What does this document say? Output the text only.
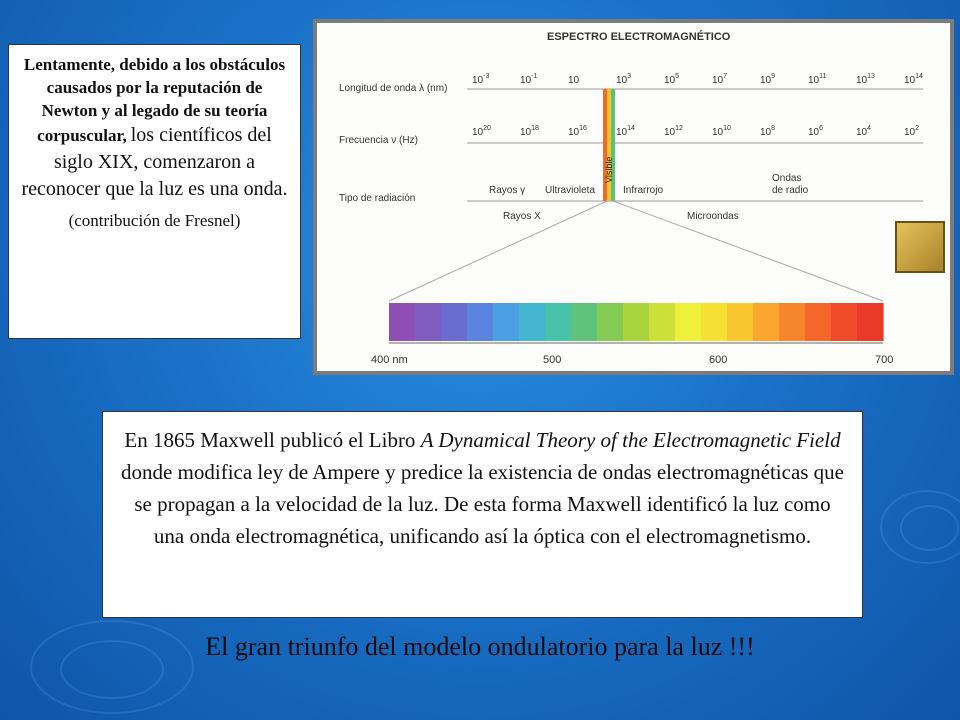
Lentamente, debido a los obstáculos causados por la reputación de Newton y al legado de su teoría corpuscular, los científicos del siglo XIX, comenzaron a reconocer que la luz es una onda.
(contribución de Fresnel)
ESPECTRO ELECTROMAGNÉTICO
Longitud de onda λ (nm)
Frecuencia ν (Hz)
Tipo de radiación
$10^{-3}$	$10^{-1}$	10	$10^3$	$10^5$	$10^7$	$10^9$	$10^{11}$	$10^{13}$	$10^{14}$
$10^{20}$	$10^{18}$	$10^{16}$	$10^{14}$	$10^{12}$	$10^{10}$	$10^8$	$10^6$	$10^4$	$10^2$
Visible
Rayos γ Ultravioleta	Infrarrojo
Ondas
de radio
Rayos X	Microondas
400 nm	500	600	700
En 1865 Maxwell publicó el Libro A Dynamical Theory of the Electromagnetic Field donde modifica ley de Ampere y predice la existencia de ondas electromagnéticas que se propagan a la velocidad de la luz. De esta forma Maxwell identificó la luz como una onda electromagnética, unificando así la óptica con el electromagnetismo.
El gran triunfo del modelo ondulatorio para la luz !!!
